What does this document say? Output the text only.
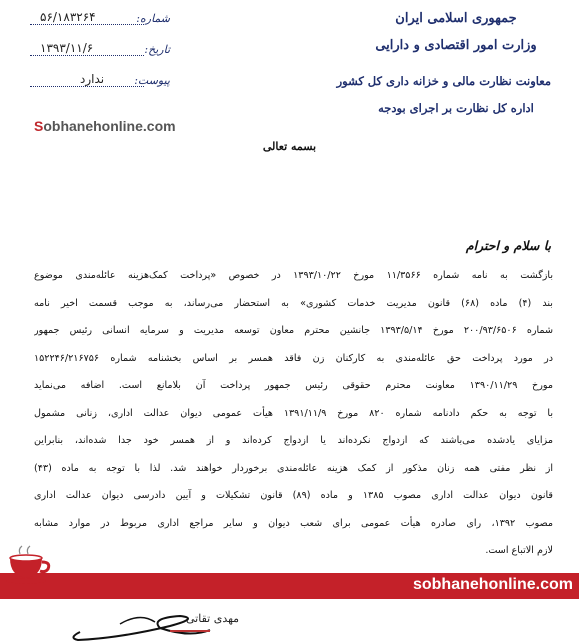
جمهوری اسلامی ایران
وزارت امور اقتصادی و دارایی
معاونت نظارت مالی و خزانه داری کل کشور
اداره کل نظارت بر اجرای بودجه
شماره:
۵۶/۱۸۳۲۶۴
تاریخ:
۱۳۹۳/۱۱/۶
پیوست:
ندارد
Sobhanehonline.com
بسمه تعالی
با سلام و احترام
بازگشت به نامه شماره ۱۱/۳۵۶۶ مورخ ۱۳۹۳/۱۰/۲۲ در خصوص «پرداخت کمک‌هزینه عائله‌مندی موضوع
بند (۴) ماده (۶۸) قانون مدیریت خدمات کشوری» به استحضار می‌رساند، به موجب قسمت اخیر نامه
شماره ۲۰۰/۹۳/۶۵۰۶ مورخ ۱۳۹۳/۵/۱۴ جانشین محترم معاون توسعه مدیریت و سرمایه انسانی رئیس جمهور
در مورد پرداخت حق عائله‌مندی به کارکنان زن فاقد همسر بر اساس بخشنامه شماره ۱۵۲۲۴۶/۲۱۶۷۵۶
مورخ ۱۳۹۰/۱۱/۲۹ معاونت محترم حقوقی رئیس جمهور پرداخت آن بلامانع است. اضافه می‌نماید
با توجه به حکم دادنامه شماره ۸۲۰ مورخ ۱۳۹۱/۱۱/۹ هیأت عمومی دیوان عدالت اداری، زنانی مشمول
مزایای یادشده می‌باشند که ازدواج نکرده‌اند یا ازدواج کرده‌اند و از همسر خود جدا شده‌اند، بنابراین
از نظر مفتی همه زنان مذکور از کمک هزینه عائله‌مندی برخوردار خواهند شد. لذا با توجه به ماده (۴۳)
قانون دیوان عدالت اداری مصوب ۱۳۸۵ و ماده (۸۹) قانون تشکیلات و آیین دادرسی دیوان عدالت اداری
مصوب ۱۳۹۲، رای صادره هیأت عمومی برای شعب دیوان و سایر مراجع اداری مربوط در موارد مشابه
لازم الاتباع است.
sobhanehonline.com
مهدی تقاتی
